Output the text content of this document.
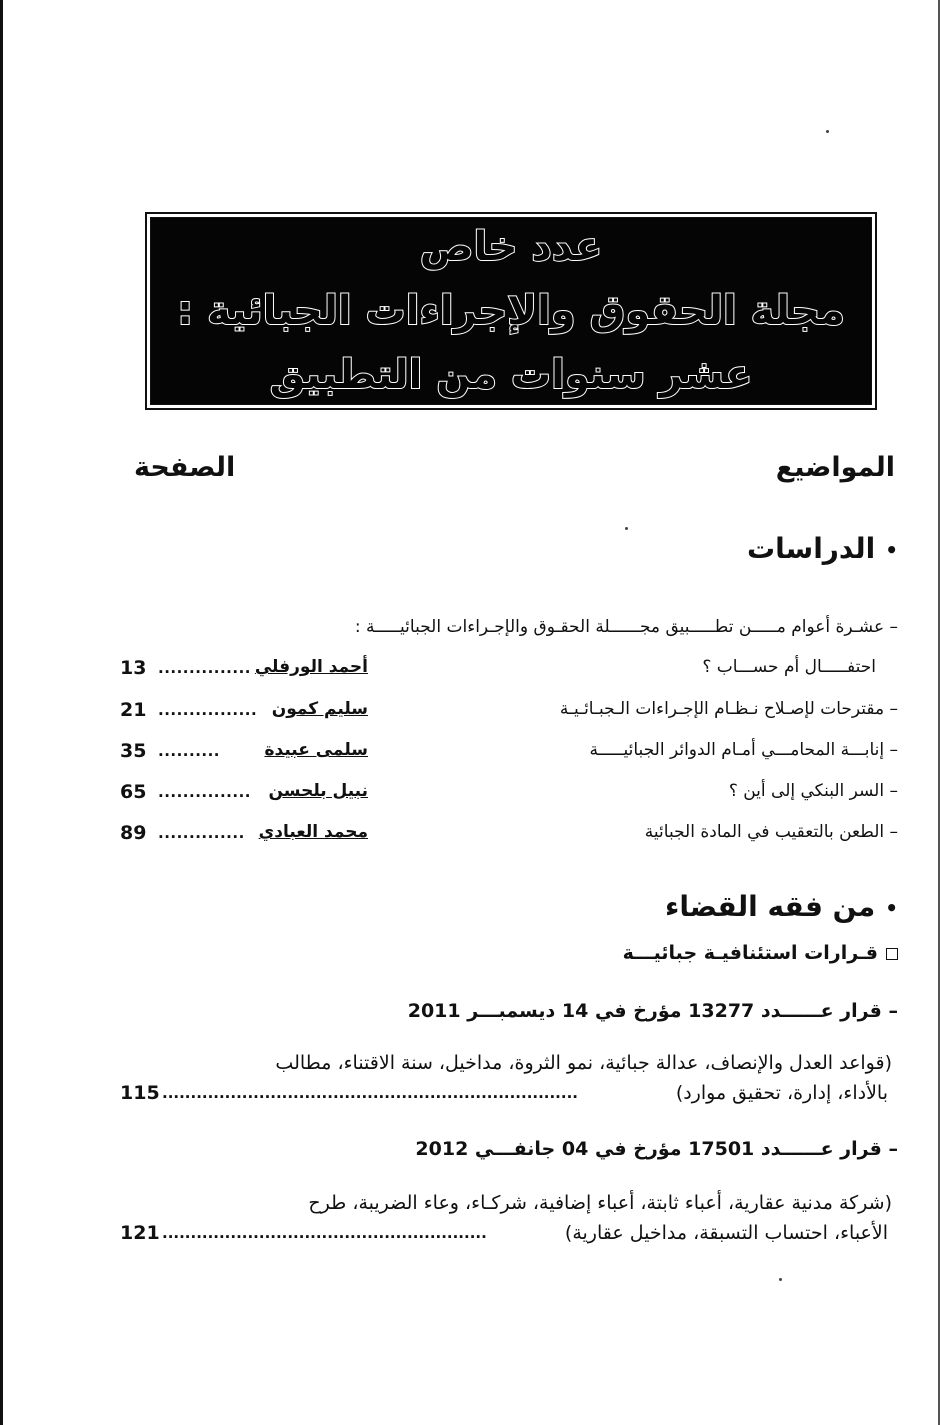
عدد خاص
مجلة الحقوق والإجراءات الجبائية :
عشر سنوات من التطبيق
المواضيع
الصفحة
•الدراسات
– عشـرة أعوام مـــــن تطـــــبيق مجــــــلة الحقـوق والإجـراءات الجبائيـــــة :
احتفـــــال أم حســـاب ؟
أحمد الورفلي
...............
13
– مقترحات لإصـلاح نـظـام الإجـراءات الـجبـائـيـة
سليم كمون
................
21
– إنابـــة المحامـــي أمـام الدوائر الجبائيـــــة
سلمى عبيدة
..........
35
– السر البنكي إلى أين ؟
نبيل بلحسن
...............
65
– الطعن بالتعقيب في المادة الجبائية
محمد العبادي
..............
89
•من فقه القضاء
قـرارات استئنافيـة جبائيـــة
– قرار عــــــدد 13277 مؤرخ في 14 ديسمبـــر 2011
(قواعد العدل والإنصاف، عدالة جبائية، نمو الثروة، مداخيل، سنة الاقتناء، مطالب
بالأداء، إدارة، تحقيق موارد)
.........................................................................
115
– قرار عــــــدد 17501 مؤرخ في 04 جانفـــي 2012
(شركة مدنية عقارية، أعباء ثابتة، أعباء إضافية، شركـاء، وعاء الضريبة، طرح
الأعباء، احتساب التسبقة، مداخيل عقارية)
.........................................................
121
